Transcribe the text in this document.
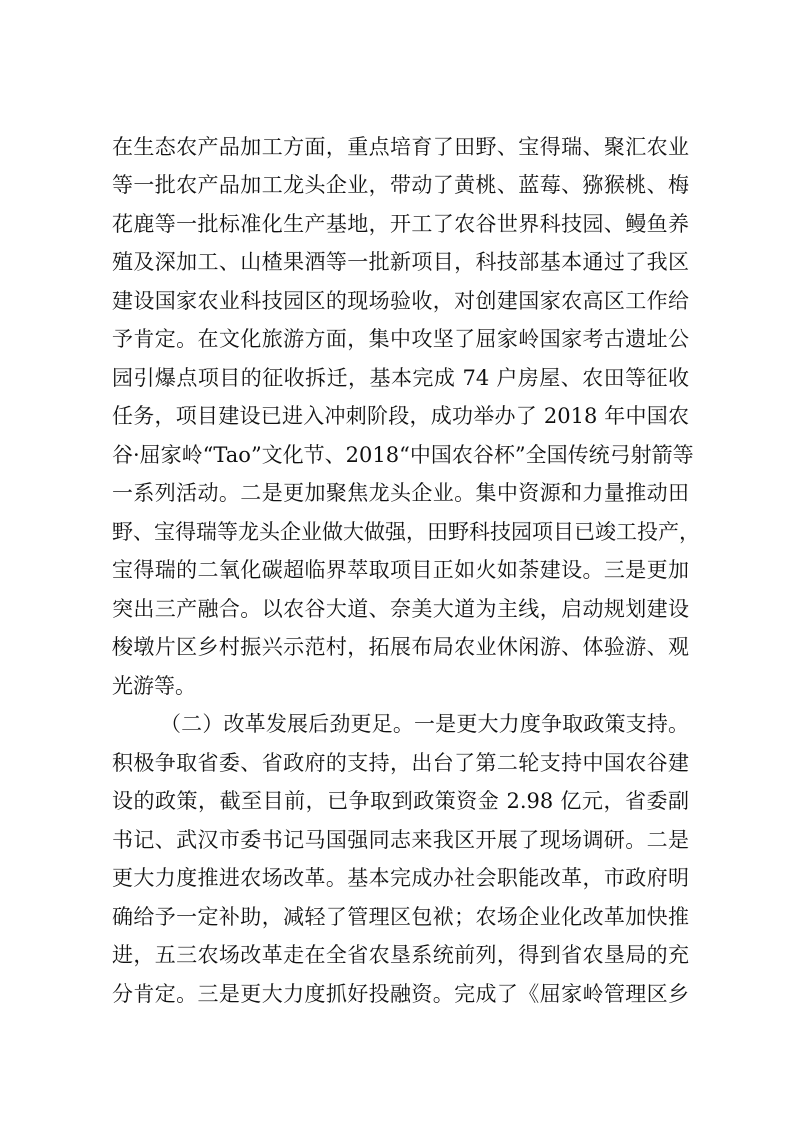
在生态农产品加工方面，重点培育了田野、宝得瑞、聚汇农业
等一批农产品加工龙头企业，带动了黄桃、蓝莓、猕猴桃、梅
花鹿等一批标准化生产基地，开工了农谷世界科技园、鳗鱼养
殖及深加工、山楂果酒等一批新项目，科技部基本通过了我区
建设国家农业科技园区的现场验收，对创建国家农高区工作给
予肯定。在文化旅游方面，集中攻坚了屈家岭国家考古遗址公
园引爆点项目的征收拆迁，基本完成 74 户房屋、农田等征收
任务，项目建设已进入冲刺阶段，成功举办了 2018 年中国农
谷·屈家岭“Tao”文化节、2018“中国农谷杯”全国传统弓射箭等
一系列活动。二是更加聚焦龙头企业。集中资源和力量推动田
野、宝得瑞等龙头企业做大做强，田野科技园项目已竣工投产，
宝得瑞的二氧化碳超临界萃取项目正如火如荼建设。三是更加
突出三产融合。以农谷大道、奈美大道为主线，启动规划建设
梭墩片区乡村振兴示范村，拓展布局农业休闲游、体验游、观
光游等。
（二）改革发展后劲更足。一是更大力度争取政策支持。
积极争取省委、省政府的支持，出台了第二轮支持中国农谷建
设的政策，截至目前，已争取到政策资金 2.98 亿元，省委副
书记、武汉市委书记马国强同志来我区开展了现场调研。二是
更大力度推进农场改革。基本完成办社会职能改革，市政府明
确给予一定补助，减轻了管理区包袱；农场企业化改革加快推
进，五三农场改革走在全省农垦系统前列，得到省农垦局的充
分肯定。三是更大力度抓好投融资。完成了《屈家岭管理区乡
